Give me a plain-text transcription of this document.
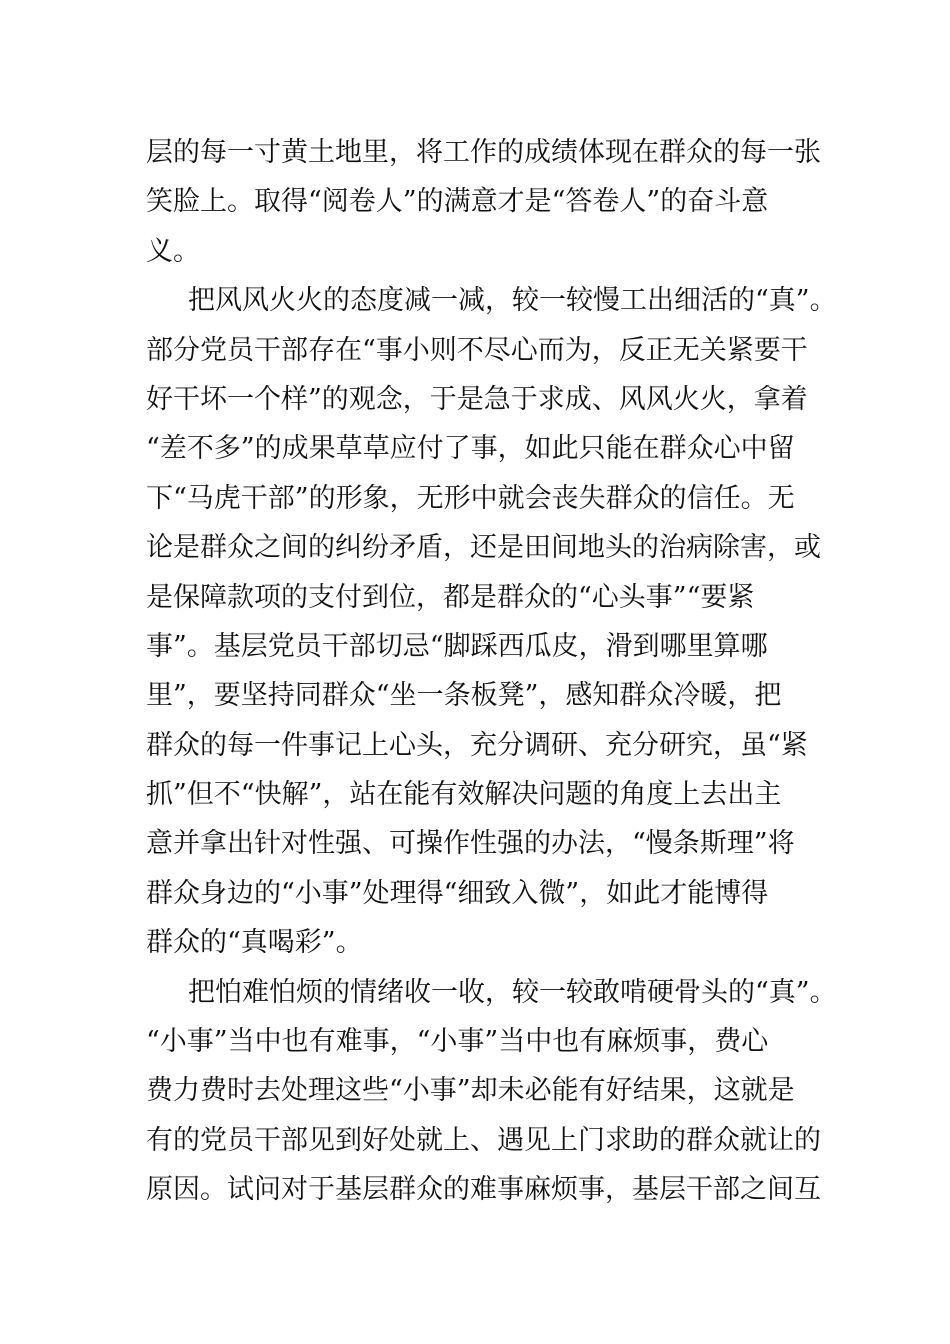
层的每一寸黄土地里，将工作的成绩体现在群众的每一张
笑脸上。取得“阅卷人”的满意才是“答卷人”的奋斗意
义。
把风风火火的态度减一减，较一较慢工出细活的“真”。
部分党员干部存在“事小则不尽心而为，反正无关紧要干
好干坏一个样”的观念，于是急于求成、风风火火，拿着
“差不多”的成果草草应付了事，如此只能在群众心中留
下“马虎干部”的形象，无形中就会丧失群众的信任。无
论是群众之间的纠纷矛盾，还是田间地头的治病除害，或
是保障款项的支付到位，都是群众的“心头事”“要紧
事”。基层党员干部切忌“脚踩西瓜皮，滑到哪里算哪
里”，要坚持同群众“坐一条板凳”，感知群众冷暖，把
群众的每一件事记上心头，充分调研、充分研究，虽“紧
抓”但不“快解”，站在能有效解决问题的角度上去出主
意并拿出针对性强、可操作性强的办法，“慢条斯理”将
群众身边的“小事”处理得“细致入微”，如此才能博得
群众的“真喝彩”。
把怕难怕烦的情绪收一收，较一较敢啃硬骨头的“真”。
“小事”当中也有难事，“小事”当中也有麻烦事，费心
费力费时去处理这些“小事”却未必能有好结果，这就是
有的党员干部见到好处就上、遇见上门求助的群众就让的
原因。试问对于基层群众的难事麻烦事，基层干部之间互
